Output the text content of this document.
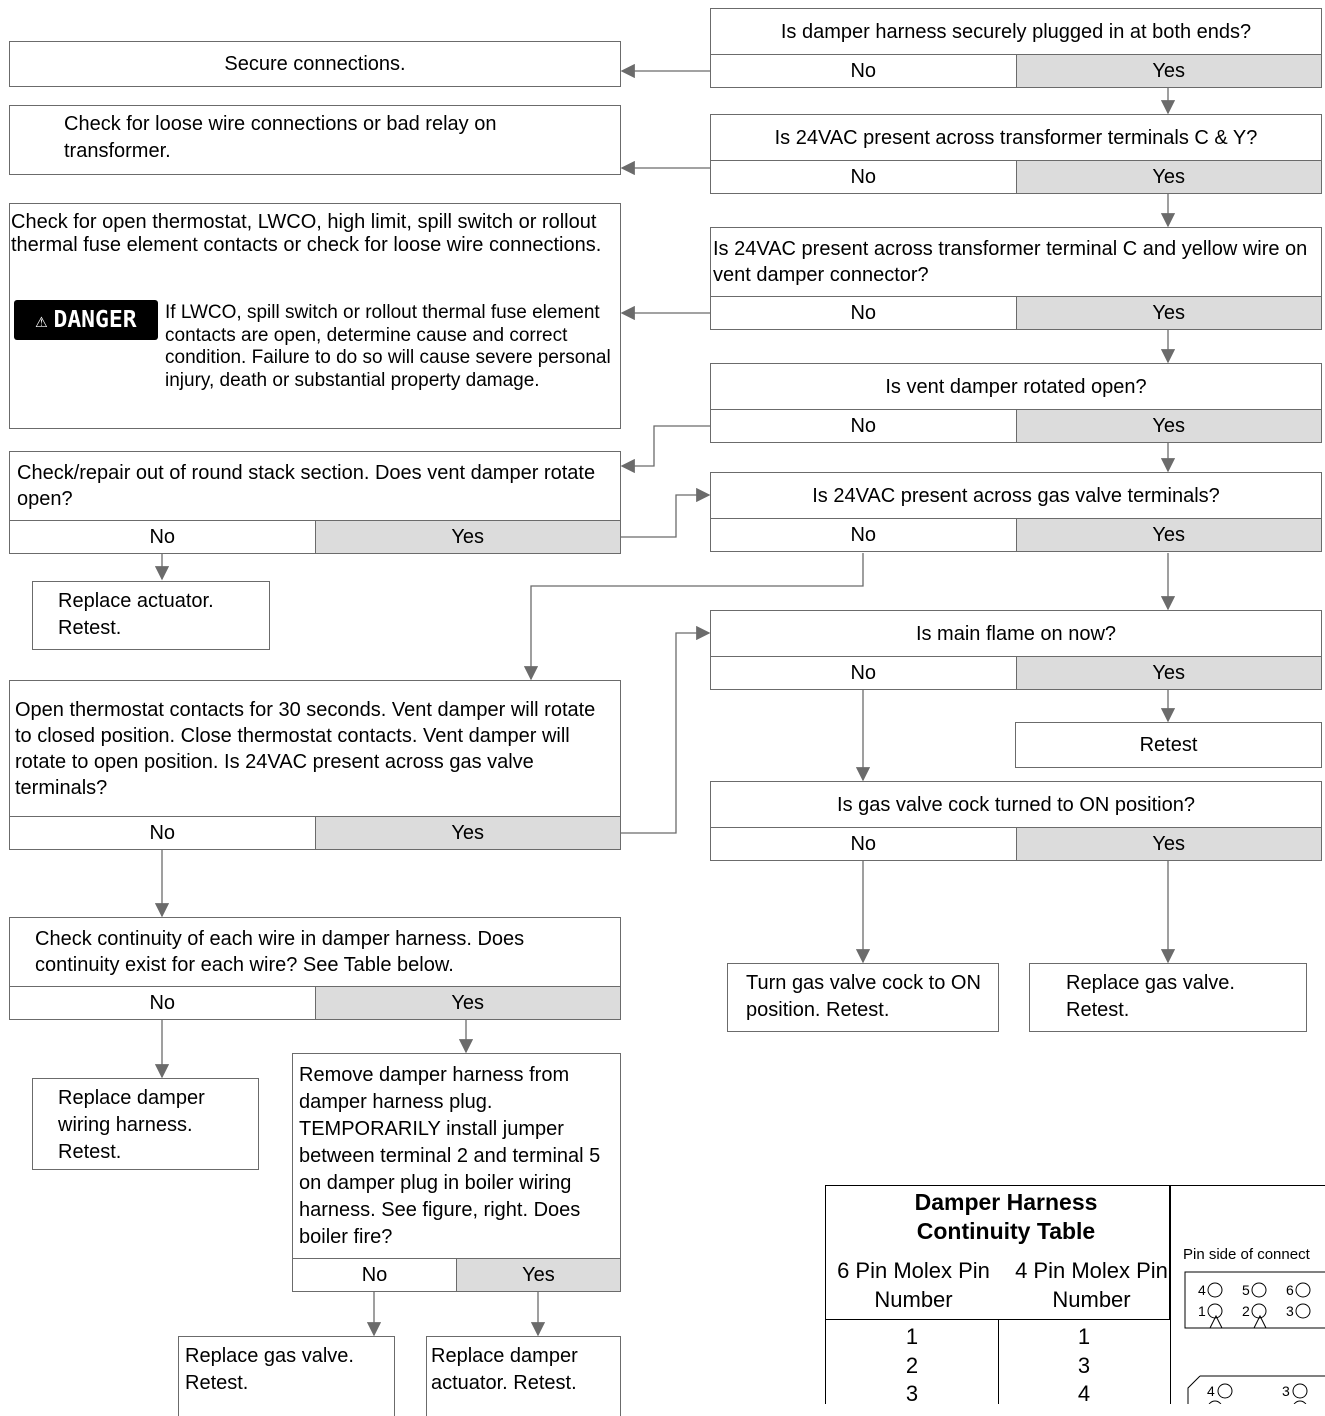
Is damper harness securely plugged in at both ends?
No	Yes
Secure connections.
Is 24VAC present across transformer terminals C & Y?
No	Yes
Check for loose wire connections or bad relay on transformer.
Is 24VAC present across transformer terminal C and yellow wire on vent damper connector?
No	Yes
Check for open thermostat, LWCO, high limit, spill switch or rollout thermal fuse element contacts or check for loose wire connections.
⚠ DANGER If LWCO, spill switch or rollout thermal fuse element contacts are open, determine cause and correct condition. Failure to do so will cause severe personal injury, death or substantial property damage.	Is vent damper rotated open?
No	Yes
Check/repair out of round stack section. Does vent damper rotate open?
No	Yes
Replace actuator. Retest.
Is 24VAC present across gas valve terminals?
No	Yes
Is main flame on now?
No	Yes
Retest
Open thermostat contacts for 30 seconds. Vent damper will rotate to closed position. Close thermostat contacts. Vent damper will rotate to open position. Is 24VAC present across gas valve terminals?
No	Yes
Is gas valve cock turned to ON position?
No	Yes
Turn gas valve cock to ON position. Retest.
Replace gas valve. Retest.
Check continuity of each wire in damper harness. Does continuity exist for each wire? See Table below.
No	Yes
Replace damper wiring harness. Retest.
Remove damper harness from damper harness plug. TEMPORARILY install jumper between terminal 2 and terminal 5 on damper plug in boiler wiring harness. See figure, right. Does boiler fire?
No	Yes
Replace gas valve. Retest.
Replace damper actuator. Retest.
Damper Harness Continuity Table
6 Pin Molex Pin Number
4 Pin Molex Pin Number
1	1
2	3
3	4
Pin side of connect
4	5	6
1	2	3
4	3
